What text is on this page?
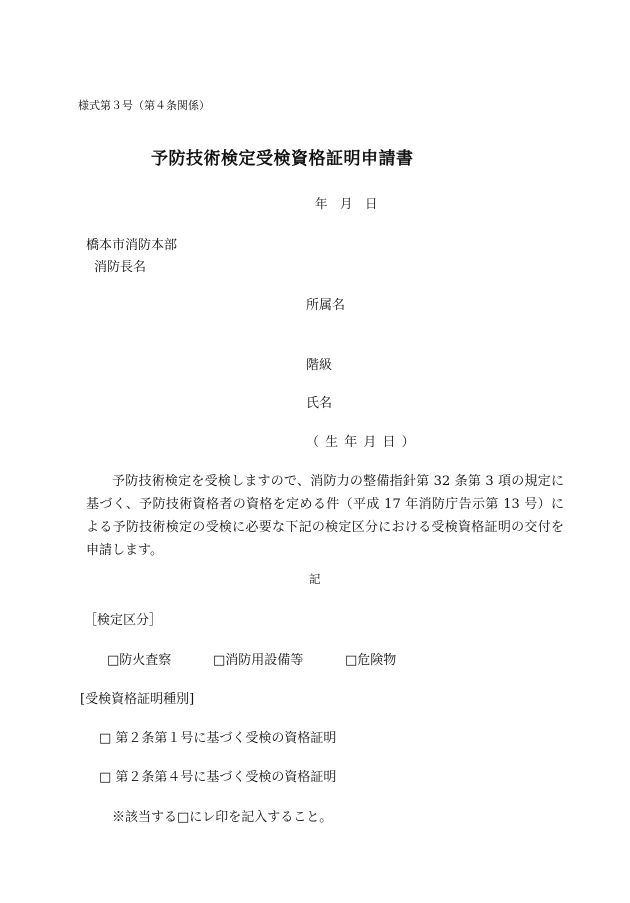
様式第３号（第４条関係）
予防技術検定受検資格証明申請書
年　月　日
橋本市消防本部
消防長名
所属名
階級
氏名
（ 生 年 月 日 ）
予防技術検定を受検しますので、消防力の整備指針第 32 条第 3 項の規定に基づく、予防技術資格者の資格を定める件（平成 17 年消防庁告示第 13 号）による予防技術検定の受検に必要な下記の検定区分における受検資格証明の交付を申請します。
記
［検定区分］
□防火査察	□消防用設備等	□危険物
[受検資格証明種別]
□ 第２条第１号に基づく受検の資格証明
□ 第２条第４号に基づく受検の資格証明
※該当する□にレ印を記入すること。
